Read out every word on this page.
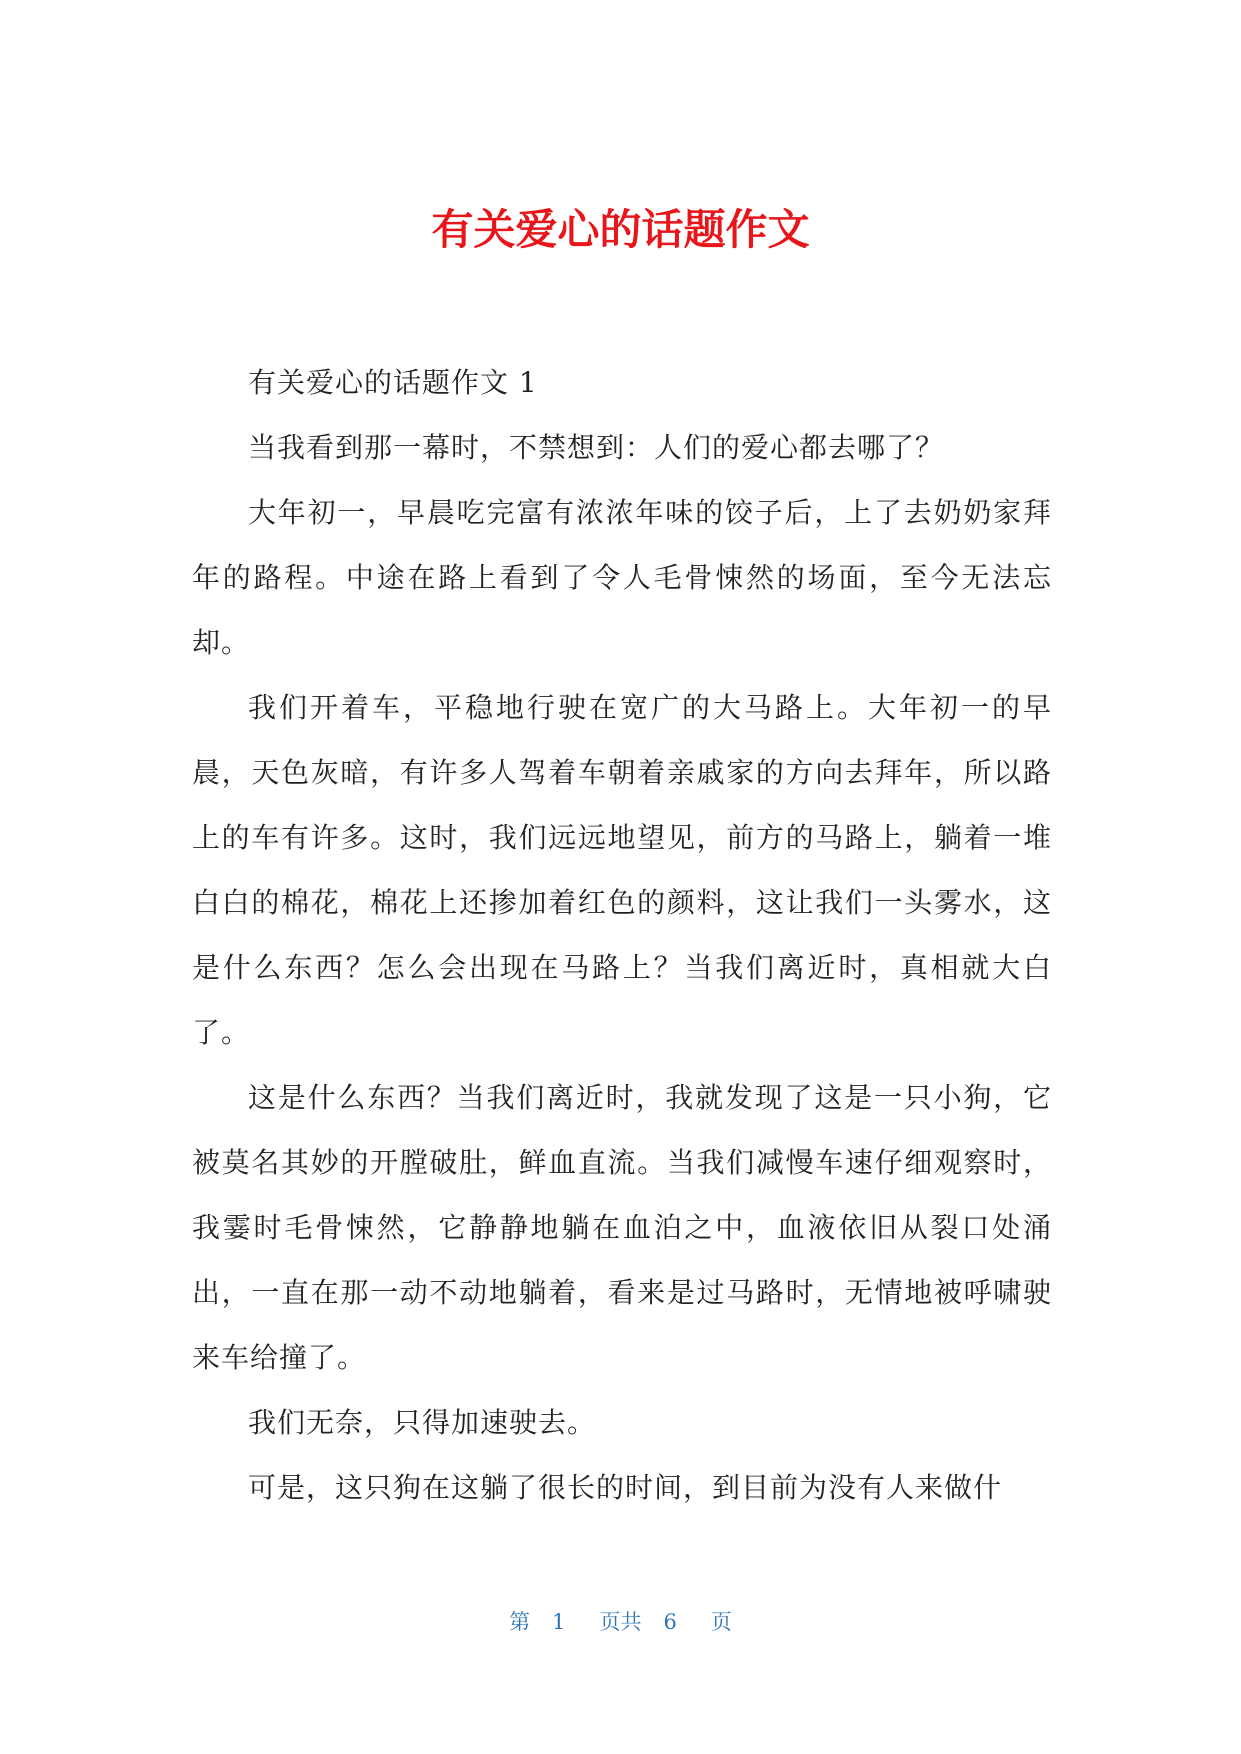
有关爱心的话题作文

有关爱心的话题作文 1

当我看到那一幕时，不禁想到：人们的爱心都去哪了？

大年初一，早晨吃完富有浓浓年味的饺子后，上了去奶奶家拜年的路程。中途在路上看到了令人毛骨悚然的场面，至今无法忘却。

我们开着车，平稳地行驶在宽广的大马路上。大年初一的早晨，天色灰暗，有许多人驾着车朝着亲戚家的方向去拜年，所以路上的车有许多。这时，我们远远地望见，前方的马路上，躺着一堆白白的棉花，棉花上还掺加着红色的颜料，这让我们一头雾水，这是什么东西？怎么会出现在马路上？当我们离近时，真相就大白了。

这是什么东西？当我们离近时，我就发现了这是一只小狗，它被莫名其妙的开膛破肚，鲜血直流。当我们减慢车速仔细观察时，我霎时毛骨悚然，它静静地躺在血泊之中，血液依旧从裂口处涌出，一直在那一动不动地躺着，看来是过马路时，无情地被呼啸驶来车给撞了。

我们无奈，只得加速驶去。

可是，这只狗在这躺了很长的时间，到目前为没有人来做什

第 1 页共 6 页
